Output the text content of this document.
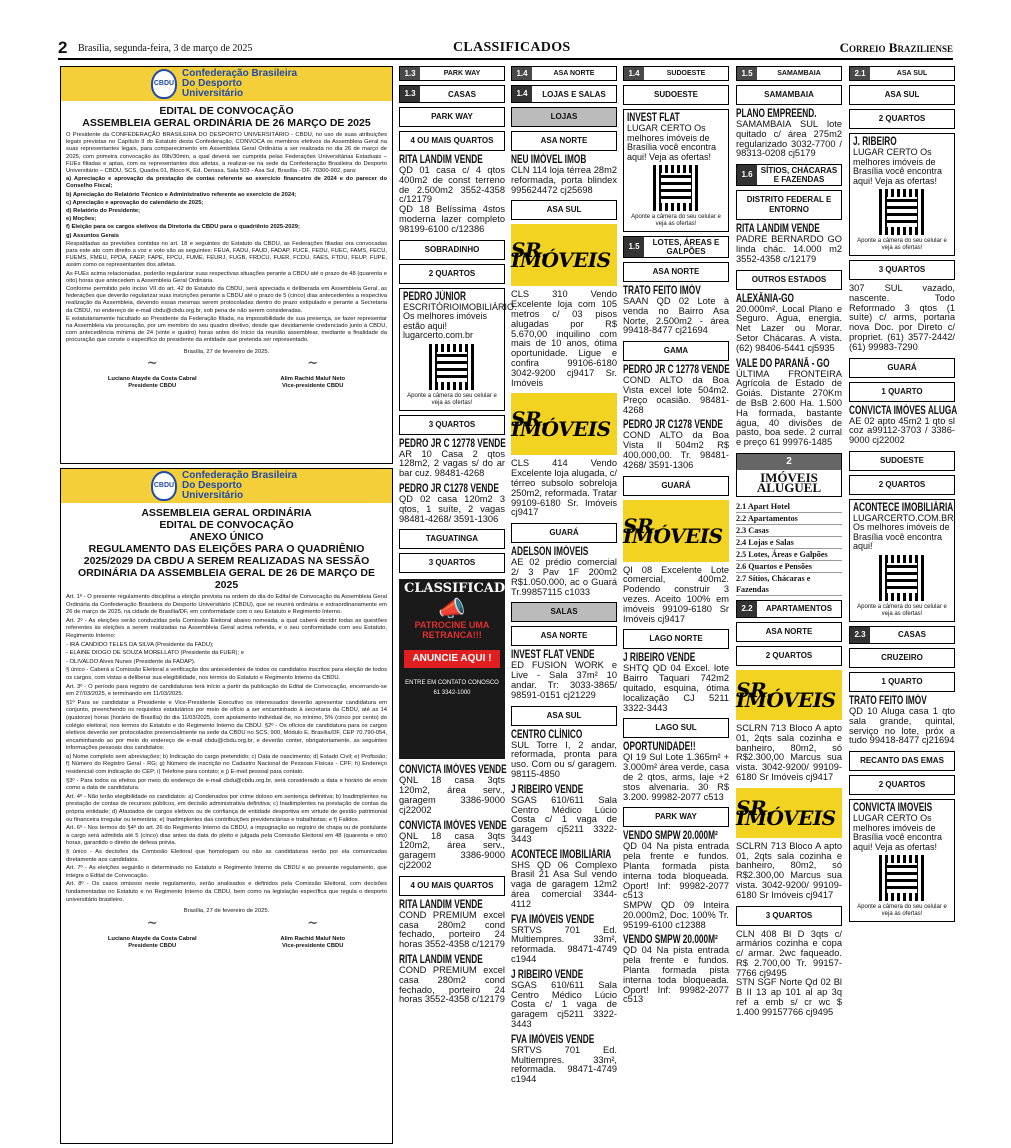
2	Brasília, segunda-feira, 3 de março de 2025	CLASSIFICADOS	Correio Braziliense
CBDU
Confederação Brasileira Do Desporto Universitário
EDITAL DE CONVOCAÇÃO
ASSEMBLEIA GERAL ORDINÁRIA DE 26 MARÇO DE 2025

O Presidente da CONFEDERAÇÃO BRASILEIRA DO DESPORTO UNIVERSITÁRIO - CBDU, no uso de suas atribuições legais previstas no Capítulo II do Estatuto desta Confederação, CONVOCA os membros efetivos da Assembleia Geral na suas representantes legais, para comparecimento em Assembleia Geral Ordinária a ser realizada no dia 26 de março de 2025, com primeira convocação às 09h/30min, a qual deverá ser cumprida pelas Federações Universitárias Estaduais – FUEs filiadas e aptas, com os representantes dos atletas, a realizar-se na sede da Confederação Brasileira do Desporto Universitário – CBDU, SCS, Quadra 01, Bloco K, Ed. Denasa, Sala 503 - Asa Sul, Brasília - DF, 70300-902, para:

a) Apreciação e aprovação da prestação de contas referente ao exercício financeiro de 2024 e do parecer do Conselho Fiscal;

b) Apreciação do Relatório Técnico e Administrativo referente ao exercício de 2024;

c) Apreciação e aprovação do calendário de 2025;

d) Relatório do Presidente;

e) Moções;

f) Eleição para os cargos eletivos da Diretoria da CBDU para o quadriênio 2025-2029;

g) Assuntos Gerais

Respaldadas as previsões contidas no art. 18 e seguintes do Estatuto da CBDU, as Federações filiadas ora convocadas para este ato com direito a voz e voto são as seguintes: FEUA, FADU, FAUD, FADAP, FUCE, FEDU, FUEC, FAMS, FECU, FUEMS, FMEU, FPDA, FAEP, FAPE, FPCU, FUME, FEURJ, FUGB, FRDCU, FUER, FCDU, FAES, FTDU, FEUP, FUPE, assim como os representantes dos atletas.

As FUEs acima relacionadas, poderão regularizar suas respectivas situações perante a CBDU até o prazo de 48 (quarenta e oito) horas que antecedem a Assembleia Geral Ordinária.

Conforme permitido pelo inciso VII do art. 42 do Estatuto da CBDU, será apreciada e deliberada em Assembleia Geral, as federações que deverão regularizar suas inscrições perante a CBDU até o prazo de 5 (cinco) dias antecedentes a respectiva realização da Assembleia, devendo essas mesmas serem protocoladas dentro do prazo estipulado e perante a Secretaria da CBDU, no endereço de e-mail cbdu@cbdu.org.br, sob pena de não serem consideradas.

E estatutariamente facultado ao Presidente da Federação filiada, na impossibilidade de sua presença, se fazer representar na Assembleia via procuração, por um membro do seu quadro diretivo, desde que devidamente credenciado junto à CBDU, com antecedência mínima de 24 (vinte e quatro) horas antes do início da reunião assemblear, mediante a finalidade da procuração que conste o especifico do presidente da entidade que pretenda ser representado.

Brasília, 27 de fevereiro de 2025.

~
Luciano Atayde da Costa Cabral
Presidente CBDU
~
Alim Rachid Maluf Neto
Vice-presidente CBDU
CBDU
Confederação Brasileira Do Desporto Universitário
ASSEMBLEIA GERAL ORDINÁRIA
EDITAL DE CONVOCAÇÃO
ANEXO ÚNICO
REGULAMENTO DAS ELEIÇÕES PARA O QUADRIÊNIO 2025/2029 DA CBDU A SEREM REALIZADAS NA SESSÃO ORDINÁRIA DA ASSEMBLEIA GERAL DE 26 DE MARÇO DE 2025

Art. 1º - O presente regulamento disciplina a eleição prevista na ordem do dia do Edital de Convocação da Assembleia Geral Ordinária da Confederação Brasileira do Desporto Universitário (CBDU), que se reunirá ordinária e extraordinariamente em 26 de março de 2025, na cidade de Brasília/DF, em conformidade com o seu Estatuto e Regimento Interno.

Art. 2º - As eleições serão conduzidas pela Comissão Eleitoral abaixo nomeada, a qual caberá decidir todas as questões referentes às eleições a serem realizadas na Assembleia Geral acima referida, e o seu conformidade com seu Estatuto, Regimento Interno:

- IRÁ CANDIDO TELES DA SILVA (Presidente da FADU);

- ELAINE DIOGO DE SOUZA MORELLATO (Presidente da FUER); e

- OLIVALDO Alves Nunes (Presidente da FADAP).

§ único - Caberá a Comissão Eleitoral a verificação dos antecedentes de todos os candidatos inscritos para eleição de todos os cargos, com vistas a deliberar sua elegibilidade, nos termos do Estatuto e Regimento Interno da CBDU.

Art. 3º - O período para registro de candidaturas terá início a partir da publicação do Edital de Convocação, encerrando-se em 27/03/2025, e terminando em 11/03/2025.

§1º Para se candidatar a Presidente e Vice-Presidente Executivo os interessados deverão apresentar candidatura em conjunto, preenchendo os requisitos estatutários por meio de ofício a ser encaminhado à secretaria da CBDU, até as 14 (quatorze) horas (horário de Brasília) do dia 11/03/2025, com apoiamento individual de, no mínimo, 5% (cinco por cento) do colégio eleitoral, nos termos do Estatuto e do Regimento Interno da CBDU. §2º - Os ofícios de candidatura para os cargos eletivos deverão ser protocolados presencialmente na sede da CBDU no SCS, 900, Módulo E, Brasília/DF, CEP 70.790-054, encaminhando ao por meio do endereço de e-mail cbdu@cbdu.org.br, e deverão conter, obrigatoriamente, as seguintes informações pessoais dos candidatos:

a) Nome completo sem abreviações; b) Indicação do cargo pretendido; c) Data de nascimento; d) Estado Civil; e) Profissão; f) Número do Registro Geral - RG; g) Número de inscrição no Cadastro Nacional de Pessoas Físicas - CPF; h) Endereço residencial com indicação do CEP; i) Telefone para contato; e j) E-mail pessoal para contato.

§3º - Para todos os efeitos por meio do endereço de e-mail cbdu@cbdu.org.br, será considerado a data e horário de envio como a data de candidatura.

Art. 4º - Não terão elegibilidade os candidatos: a) Condenados por crime doloso em sentença definitiva; b) Inadimplentes na prestação de contas de recursos públicos, em decisão administrativa definitiva; c) Inadimplentes na prestação de contas da própria entidade; d) Afastados de cargos eletivos ou de confiança de entidade desportiva em virtude de gestão patrimonial ou financeira irregular ou temerária; e) Inadimplentes das contribuições previdenciárias e trabalhistas; e f) Falidos.

Art. 6º - Nos termos do §4º do art. 26 do Regimento Interno da CBDU, a impugnação ao registro de chapa ou de postulante a cargo será admitida até 5 (cinco) dias antes da data do pleito e julgada pela Comissão Eleitoral em 48 (quarenta e oito) horas, garantido o direito de defesa prévia.

§ único - As decisões da Comissão Eleitoral que homologam ou não as candidaturas serão por ela comunicadas diretamente aos candidatos.

Art. 7º - As eleições seguirão o determinado no Estatuto e Regimento Interno da CBDU e ao presente regulamento, que integra o Edital de Convocação.

Art. 8º - Os casos omissos neste regulamento, serão analisados e definidos pela Comissão Eleitoral, com decisões fundamentadas no Estatuto e no Regimento Interno da CBDU, bem como na legislação específica que regula o desporto universitário brasileiro.

Brasília, 27 de fevereiro de 2025.

~
Luciano Atayde da Costa Cabral
Presidente CBDU
~
Alim Rachid Maluf Neto
Vice-presidente CBDU
1.3	PARK WAY
1.3	CASAS
PARK WAY
4 OU MAIS QUARTOS
RITA LANDIM VENDE
QD 01 casa c/ 4 qtos 400m2 de const terreno de 2.500m2 3552-4358 c/12179
QD 18 Belíssima 4stos moderna lazer completo 98199-6100 c/12386
SOBRADINHO
2 QUARTOS
PEDRO JÚNIOR
ESCRITÓRIOIMOBILIÁRIO. Os melhores imóveis estão aqui! lugarcerto.com.br
Aponte a câmera do seu celular e veja as ofertas!
3 QUARTOS
PEDRO JR C 12778 VENDE
AR 10 Casa 2 qtos 128m2, 2 vagas s/ do ar bar cuz. 98481-4268
PEDRO JR C1278 VENDE
QD 02 casa 120m2 3 qtos, 1 suíte, 2 vagas 98481-4268/ 3591-1306
TAGUATINGA
3 QUARTOS
CLASSIFICADOS
📣
PATROCINE UMA RETRANCA!!!
ANUNCIE AQUI !
ENTRE EM CONTATO CONOSCO 61 3342-1000
CONVICTA IMÓVES VENDE
QNL 18 casa 3qts 120m2, área serv., garagem 3386-9000 cj22002
CONVICTA IMÓVES VENDE
QNL 18 casa 3qts 120m2, área serv., garagem 3386-9000 cj22002
4 OU MAIS QUARTOS
RITA LANDIM VENDE
COND PREMIUM excel casa 280m2 cond fechado, porteiro 24 horas 3552-4358 c/12179
RITA LANDIM VENDE
COND PREMIUM excel casa 280m2 cond fechado, porteiro 24 horas 3552-4358 c/12179
1.4	ASA NORTE
1.4	LOJAS E SALAS
LOJAS
ASA NORTE
NEU IMÓVEL IMOB
CLN 114 loja térrea 28m2 reformada, porta blindex 995624472 cj25698
ASA SUL
SR. IMÓVEIS
CLS 310 Vendo Excelente loja com 105 metros c/ 03 pisos alugadas por R$ 5.670,00 inquilino com mais de 10 anos, ótima oportunidade. Ligue e confira 99106-6180 3042-9200 cj9417 Sr. Imóveis
SR. IMÓVEIS
CLS 414 Vendo Excelente loja alugada, c/ térreo subsolo sobreloja 250m2, reformada. Tratar 99109-6180 Sr. Imóveis cj9417
GUARÁ
ADELSON IMÓVEIS
AE 02 prédio comercial 2/ 3 Pav 1F 200m2 R$1.050.000, ac o Guará Tr.99857115 c1033
SALAS
ASA NORTE
INVEST FLAT VENDE
ED FUSION WORK e Live - Sala 37m² 10 andar. Tr: 3033-3865/ 98591-0151 cj21229
ASA SUL
CENTRO CLÍNICO
SUL Torre I, 2 andar, reformada, pronta para uso. Com ou s/ garagem. 98115-4850
J RIBEIRO VENDE
SGAS 610/611 Sala Centro Médico Lúcio Costa c/ 1 vaga de garagem cj5211 3322-3443
ACONTECE IMOBILIÁRIA
SHS QD 06 Complexo Brasil 21 Asa Sul vendo vaga de garagem 12m2 área comercial 3344-4112
FVA IMÓVEIS VENDE
SRTVS 701 Ed. Multiempres. 33m², reformada. 98471-4749 c1944
J RIBEIRO VENDE
SGAS 610/611 Sala Centro Médico Lúcio Costa c/ 1 vaga de garagem cj5211 3322-3443
FVA IMÓVEIS VENDE
SRTVS 701 Ed. Multiempres. 33m², reformada. 98471-4749 c1944
1.4	SUDOESTE
SUDOESTE
INVEST FLAT
LUGAR CERTO Os melhores imóveis de Brasília você encontra aqui! Veja as ofertas!
Aponte a câmera do seu celular e veja as ofertas!
1.5	LOTES, ÁREAS E GALPÕES
ASA NORTE
TRATO FEITO IMÓV
SAAN QD 02 Lote à venda no Bairro Asa Norte, 2.500m2 - área 99418-8477 cj21694
GAMA
PEDRO JR C 12778 VENDE
COND ALTO da Boa Vista excel lote 504m2. Preço ocasião. 98481-4268
PEDRO JR C1278 VENDE
COND ALTO da Boa Vista II 504m2 R$ 400.000,00. Tr. 98481-4268/ 3591-1306
GUARÁ
SR. IMÓVEIS
QI 08 Excelente Lote comercial, 400m2. Podendo construir 3 vezes. Aceito 100% em imóveis 99109-6180 Sr Imóveis cj9417
LAGO NORTE
J RIBEIRO VENDE
SHTQ QD 04 Excel. lote Bairro Taquari 742m2 quitado, esquina, ótima localização CJ 5211 3322-3443
LAGO SUL
OPORTUNIDADE!!
QI 19 Sul Lote 1.365m² + 3.000m² área verde, casa de 2 qtos, arms, laje +2 stos alvenaria. 30 R$ 3.200. 99982-2077 c513
PARK WAY
VENDO SMPW 20.000M²
QD 04 Na pista entrada pela frente e fundos. Planta formada pista interna toda bloqueada. Oport! Inf: 99982-2077 c513
SMPW QD 09 Inteira 20.000m2, Doc. 100% Tr. 95199-6100 c12388
VENDO SMPW 20.000M²
QD 04 Na pista entrada pela frente e fundos. Planta formada pista interna toda bloqueada. Oport! Inf: 99982-2077 c513
1.5	SAMAMBAIA
SAMAMBAIA
PLANO EMPREEND.
SAMAMBAIA SUL lote quitado c/ área 275m2 regularizado 3032-7700 / 98313-0208 cj5179
1.6	SÍTIOS, CHÁCARAS E FAZENDAS
DISTRITO FEDERAL E ENTORNO
RITA LANDIM VENDE
PADRE BERNARDO GO linda chác. 14.000 m2 3552-4358 c/12179
OUTROS ESTADOS
ALEXÂNIA-GO
20.000m². Local Plano e Seguro. Água, energia. Net Lazer ou Morar. Setor Chácaras. A vista. (62) 98406-5441 cj5935
VALE DO PARANÃ - GO
ÚLTIMA FRONTEIRA Agrícola de Estado de Goiás. Distante 270Km de BsB 2.600 Ha. 1.500 Ha formada, bastante água, 40 divisões de pasto, boa sede. 2 curral e preço 61 99976-1485
2
IMÓVEIS ALUGUEL
2.1 Apart Hotel
2.2 Apartamentos
2.3 Casas
2.4 Lojas e Salas
2.5 Lotes, Áreas e Galpões
2.6 Quartos e Pensões
2.7 Sítios, Chácaras e Fazendas
2.2	APARTAMENTOS
ASA NORTE
2 QUARTOS
SR. IMÓVEIS
SCLRN 713 Bloco A apto 01, 2qts sala cozinha e banheiro, 80m2, só R$2.300,00 Marcus sua vista. 3042-9200/ 99109-6180 Sr Imóveis cj9417
SR. IMÓVEIS
SCLRN 713 Bloco A apto 01, 2qts sala cozinha e banheiro, 80m2, só R$2.300,00 Marcus sua vista. 3042-9200/ 99109-6180 Sr Imóveis cj9417
3 QUARTOS
CLN 408 Bl D 3qts c/ armários cozinha e copa c/ armar. 2wc faqueado. R$ 2.700,00 Tr. 99157-7766 cj9495
STN SGF Norte Qd 02 Bl B II 13 ap 101 al ap 3q ref a emb s/ cr wc $ 1.400 99157766 cj9495
2.1	ASA SUL
ASA SUL
2 QUARTOS
J. RIBEIRO
LUGAR CERTO Os melhores imóveis de Brasília você encontra aqui! Veja as ofertas!
Aponte a câmera do seu celular e veja as ofertas!
3 QUARTOS
307 SUL vazado, nascente. Todo Reformado 3 qtos (1 suíte) c/ arms, portaria nova Doc. por Direto c/ propriet. (61) 3577-2442/ (61) 99983-7290
GUARÁ
1 QUARTO
CONVICTA IMÓVES ALUGA
AE 02 apto 45m2 1 qto sl coz a99112-3703 / 3386-9000 cj22002
SUDOESTE
2 QUARTOS
ACONTECE IMOBILIÁRIA
LUGARCERTO.COM.BR Os melhores imóveis de Brasília você encontra aqui!
Aponte a câmera do seu celular e veja as ofertas!
2.3	CASAS
CRUZEIRO
1 QUARTO
TRATO FEITO IMÓV
QD 10 Aluga casa 1 qto sala grande, quintal, serviço no lote, próx a tudo 99418-8477 cj21694
RECANTO DAS EMAS
2 QUARTOS
CONVICTA IMOVEIS
LUGAR CERTO Os melhores imóveis de Brasília você encontra aqui! Veja as ofertas!
Aponte a câmera do seu celular e veja as ofertas!
